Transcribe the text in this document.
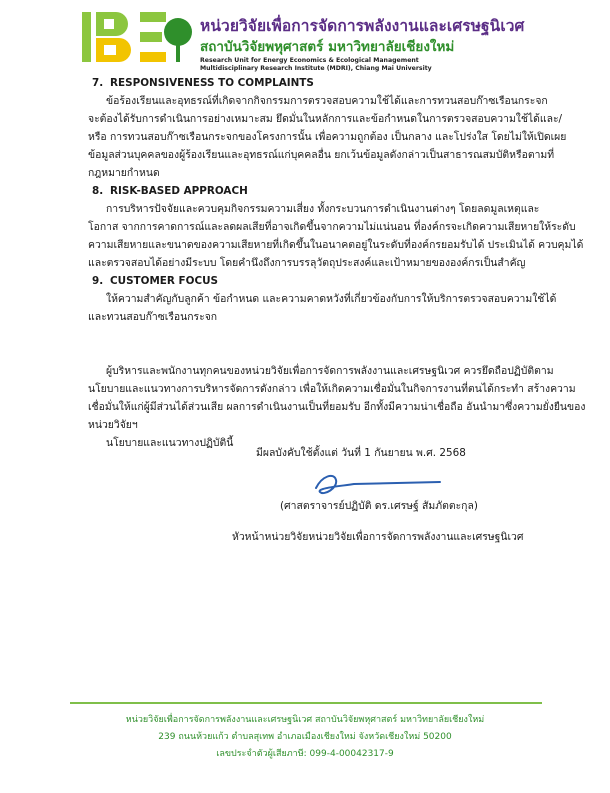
หน่วยวิจัยเพื่อการจัดการพลังงานและเศรษฐนิเวศ
สถาบันวิจัยพหุศาสตร์ มหาวิทยาลัยเชียงใหม่
Research Unit for Energy Economics & Ecological Management
Multidisciplinary Research Institute (MDRI), Chiang Mai University
7. RESPONSIVENESS TO COMPLAINTS
ข้อร้องเรียนและอุทธรณ์ที่เกิดจากกิจกรรมการตรวจสอบความใช้ได้และการทวนสอบก๊าซเรือนกระจก
จะต้องได้รับการดำเนินการอย่างเหมาะสม ยึดมั่นในหลักการและข้อกำหนดในการตรวจสอบความใช้ได้และ/
หรือ การทวนสอบก๊าซเรือนกระจกของโครงการนั้น เพื่อความถูกต้อง เป็นกลาง และโปร่งใส โดยไม่ให้เปิดเผย
ข้อมูลส่วนบุคคลของผู้ร้องเรียนและอุทธรณ์แก่บุคคลอื่น ยกเว้นข้อมูลดังกล่าวเป็นสาธารณสมบัติหรือตามที่
กฎหมายกำหนด
8. RISK-BASED APPROACH
การบริหารปัจจัยและควบคุมกิจกรรมความเสี่ยง ทั้งกระบวนการดำเนินงานต่างๆ โดยลดมูลเหตุและ
โอกาส จากการคาดการณ์และลดผลเสียที่อาจเกิดขึ้นจากความไม่แน่นอน ที่องค์กรจะเกิดความเสียหายให้ระดับ
ความเสียหายและขนาดของความเสียหายที่เกิดขึ้นในอนาคตอยู่ในระดับที่องค์กรยอมรับได้ ประเมินได้ ควบคุมได้
และตรวจสอบได้อย่างมีระบบ โดยคำนึงถึงการบรรลุวัตถุประสงค์และเป้าหมายขององค์กรเป็นสำคัญ
9. CUSTOMER FOCUS
ให้ความสำคัญกับลูกค้า ข้อกำหนด และความคาดหวังที่เกี่ยวข้องกับการให้บริการตรวจสอบความใช้ได้
และทวนสอบก๊าซเรือนกระจก
ผู้บริหารและพนักงานทุกคนของหน่วยวิจัยเพื่อการจัดการพลังงานและเศรษฐนิเวศ ควรยึดถือปฏิบัติตาม
นโยบายและแนวทางการบริหารจัดการดังกล่าว เพื่อให้เกิดความเชื่อมั่นในกิจการงานที่ตนได้กระทำ สร้างความ
เชื่อมั่นให้แก่ผู้มีส่วนได้ส่วนเสีย ผลการดำเนินงานเป็นที่ยอมรับ อีกทั้งมีความน่าเชื่อถือ อันนำมาซึ่งความยั่งยืนของ
หน่วยวิจัยฯ
นโยบายและแนวทางปฏิบัตินี้
มีผลบังคับใช้ตั้งแต่ วันที่ 1 กันยายน พ.ศ. 2568
(ศาสตราจารย์ปฏิบัติ ดร.เศรษฐ์ สัมภัตตะกุล)
หัวหน้าหน่วยวิจัยหน่วยวิจัยเพื่อการจัดการพลังงานและเศรษฐนิเวศ
หน่วยวิจัยเพื่อการจัดการพลังงานและเศรษฐนิเวศ สถาบันวิจัยพหุศาสตร์ มหาวิทยาลัยเชียงใหม่
239 ถนนห้วยแก้ว ตำบลสุเทพ อำเภอเมืองเชียงใหม่ จังหวัดเชียงใหม่ 50200
เลขประจำตัวผู้เสียภาษี: 099-4-00042317-9
